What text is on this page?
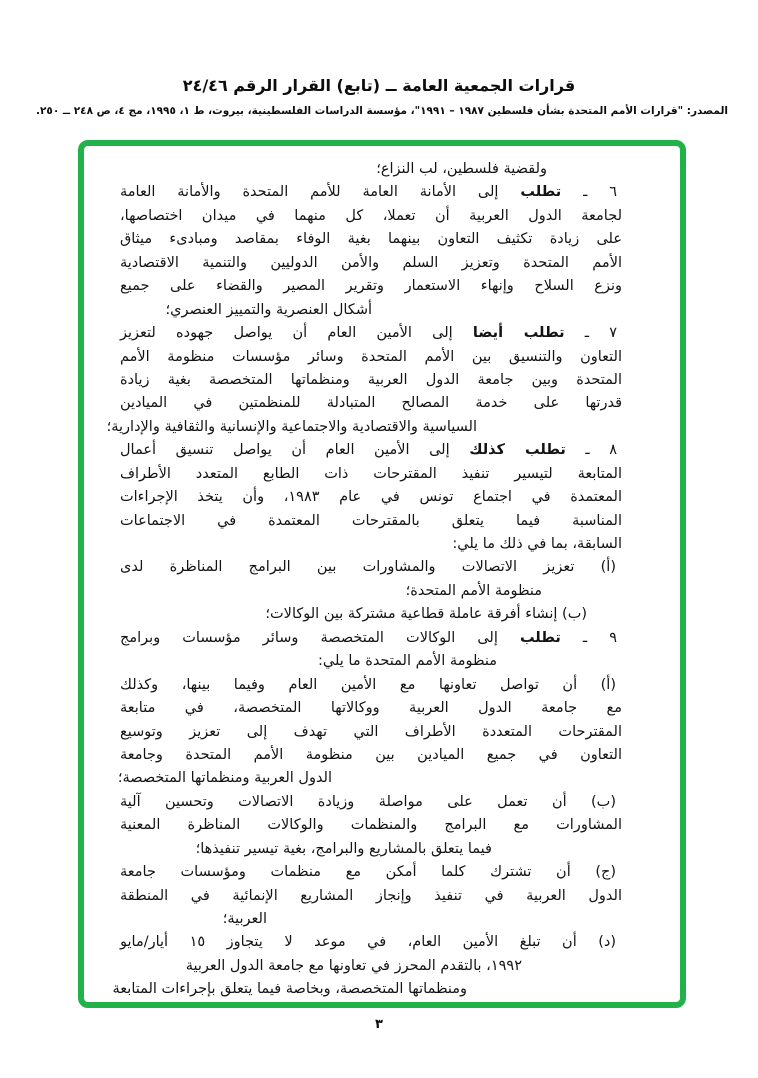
قرارات الجمعية العامة ــ (تابع) القرار الرقم ٢٤/٤٦
المصدر: "قرارات الأمم المتحدة بشأن فلسطين ١٩٨٧ – ١٩٩١"، مؤسسة الدراسات الفلسطينية، بيروت، ط ١، ١٩٩٥، مج ٤، ص ٢٤٨ ــ ٢٥٠.
ولقضية فلسطين، لب النزاع؛
٦ ـ تطلب إلى الأمانة العامة للأمم المتحدة والأمانة العامة
لجامعة الدول العربية أن تعملا، كل منهما في ميدان اختصاصها،
على زيادة تكثيف التعاون بينهما بغية الوفاء بمقاصد ومبادىء ميثاق
الأمم المتحدة وتعزيز السلم والأمن الدوليين والتنمية الاقتصادية
ونزع السلاح وإنهاء الاستعمار وتقرير المصير والقضاء على جميع
أشكال العنصرية والتمييز العنصري؛
٧ ـ تطلب أيضا إلى الأمين العام أن يواصل جهوده لتعزيز
التعاون والتنسيق بين الأمم المتحدة وسائر مؤسسات منظومة الأمم
المتحدة وبين جامعة الدول العربية ومنظماتها المتخصصة بغية زيادة
قدرتها على خدمة المصالح المتبادلة للمنظمتين في الميادين
السياسية والاقتصادية والاجتماعية والإنسانية والثقافية والإدارية؛
٨ ـ تطلب كذلك إلى الأمين العام أن يواصل تنسيق أعمال
المتابعة لتيسير تنفيذ المقترحات ذات الطابع المتعدد الأطراف
المعتمدة في اجتماع تونس في عام ١٩٨٣، وأن يتخذ الإجراءات
المناسبة فيما يتعلق بالمقترحات المعتمدة في الاجتماعات
السابقة، بما في ذلك ما يلي:
(أ) تعزيز الاتصالات والمشاورات بين البرامج المناظرة لدى
منظومة الأمم المتحدة؛
(ب) إنشاء أفرقة عاملة قطاعية مشتركة بين الوكالات؛
٩ ـ تطلب إلى الوكالات المتخصصة وسائر مؤسسات وبرامج
منظومة الأمم المتحدة ما يلي:
(أ) أن تواصل تعاونها مع الأمين العام وفيما بينها، وكذلك
مع جامعة الدول العربية ووكالاتها المتخصصة، في متابعة
المقترحات المتعددة الأطراف التي تهدف إلى تعزيز وتوسيع
التعاون في جميع الميادين بين منظومة الأمم المتحدة وجامعة
الدول العربية ومنظماتها المتخصصة؛
(ب) أن تعمل على مواصلة وزيادة الاتصالات وتحسين آلية
المشاورات مع البرامج والمنظمات والوكالات المناظرة المعنية
فيما يتعلق بالمشاريع والبرامج، بغية تيسير تنفيذها؛
(ج) أن تشترك كلما أمكن مع منظمات ومؤسسات جامعة
الدول العربية في تنفيذ وإنجاز المشاريع الإنمائية في المنطقة
العربية؛
(د) أن تبلغ الأمين العام، في موعد لا يتجاوز ١٥ أيار/مايو
١٩٩٢، بالتقدم المحرز في تعاونها مع جامعة الدول العربية
ومنظماتها المتخصصة، وبخاصة فيما يتعلق بإجراءات المتابعة
٣
